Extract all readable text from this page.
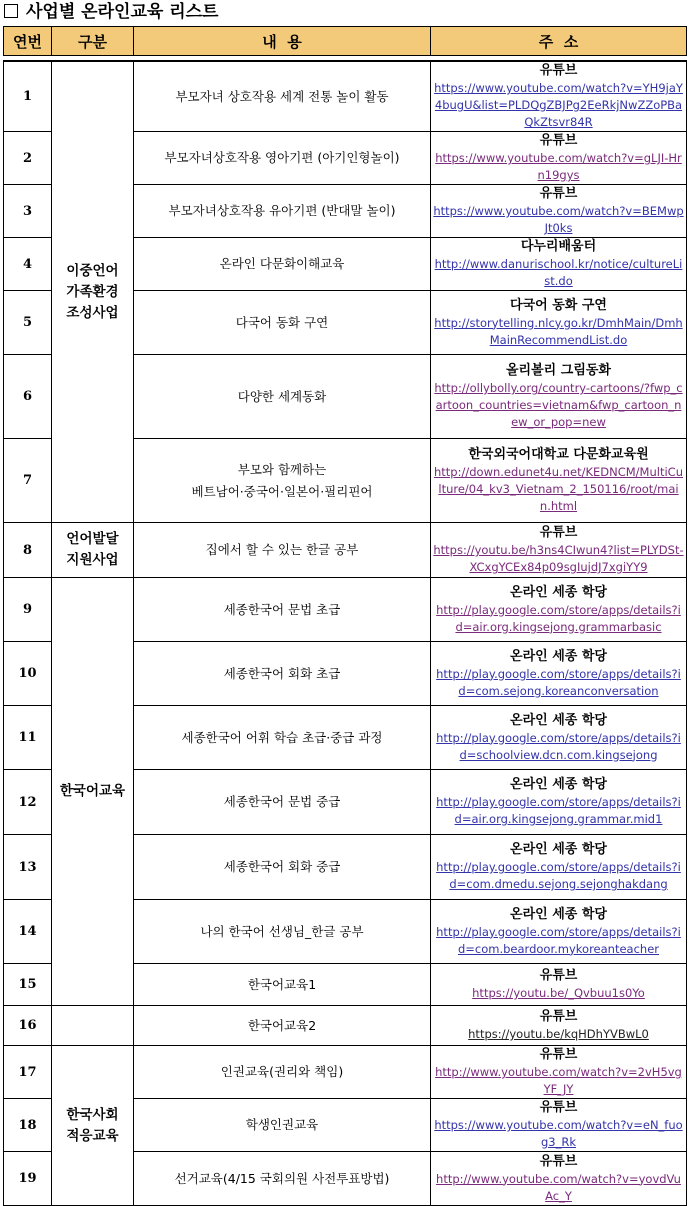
사업별 온라인교육 리스트
연번	구분	내  용	주  소

1	이중언어 가족환경 조성사업	부모자녀 상호작용 세계 전통 놀이 활동	유튜브
https://www.youtube.com/watch?v=YH9jaY4bugU&list=PLDQgZBJPg2EeRkjNwZZoPBaQkZtsvr84R

2		부모자녀상호작용 영아기편 (아기인형놀이)	유튜브
https://www.youtube.com/watch?v=gLJI-Hrn19gys

3		부모자녀상호작용 유아기편 (반대말 놀이)	유튜브
https://www.youtube.com/watch?v=BEMwpJt0ks

4		온라인 다문화이해교육	다누리배움터
http://www.danurischool.kr/notice/cultureList.do

5		다국어 동화 구연	다국어 동화 구연
http://storytelling.nlcy.go.kr/DmhMain/DmhMainRecommendList.do

6		다양한 세계동화	올리볼리 그림동화
http://ollybolly.org/country-cartoons/?fwp_cartoon_countries=vietnam&fwp_cartoon_new_or_pop=new

7		부모와 함께하는
베트남어·중국어·일본어·필리핀어	한국외국어대학교 다문화교육원
http://down.edunet4u.net/KEDNCM/MultiCulture/04_kv3_Vietnam_2_150116/root/main.html

8	언어발달 지원사업	집에서 할 수 있는 한글 공부	유튜브
https://youtu.be/h3ns4CIwun4?list=PLYDSt-XCxgYCEx84p09sgIujdJ7xgiYY9

9	한국어교육	세종한국어 문법 초급	온라인 세종 학당
http://play.google.com/store/apps/details?id=air.org.kingsejong.grammarbasic

10		세종한국어 회화 초급	온라인 세종 학당
http://play.google.com/store/apps/details?id=com.sejong.koreanconversation

11		세종한국어 어휘 학습 초급·중급 과정	온라인 세종 학당
http://play.google.com/store/apps/details?id=schoolview.dcn.com.kingsejong

12		세종한국어 문법 중급	온라인 세종 학당
http://play.google.com/store/apps/details?id=air.org.kingsejong.grammar.mid1

13		세종한국어 회화 중급	온라인 세종 학당
http://play.google.com/store/apps/details?id=com.dmedu.sejong.sejonghakdang

14		나의 한국어 선생님_한글 공부	온라인 세종 학당
http://play.google.com/store/apps/details?id=com.beardoor.mykoreanteacher

15		한국어교육1	유튜브
https://youtu.be/_Qvbuu1s0Yo

16		한국어교육2	유튜브
https://youtu.be/kqHDhYVBwL0

17	한국사회 적응교육	인권교육(권리와 책임)	유튜브
http://www.youtube.com/watch?v=2vH5vgYF_JY

18		학생인권교육	유튜브
https://www.youtube.com/watch?v=eN_fuog3_Rk

19		선거교육(4/15 국회의원 사전투표방법)	유튜브
http://www.youtube.com/watch?v=yovdVuAc_Y
